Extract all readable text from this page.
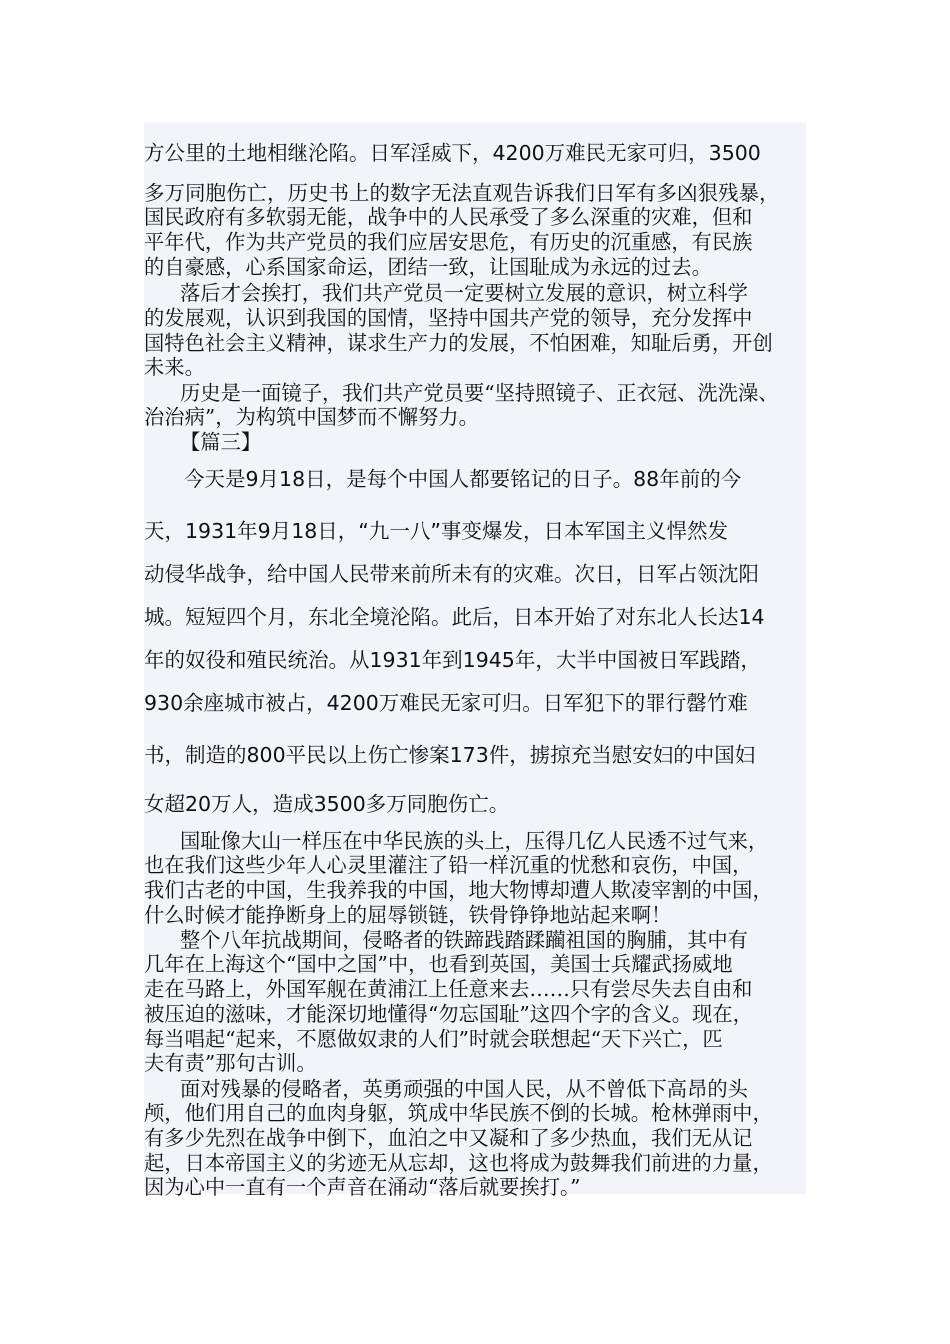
方公里的土地相继沦陷。日军淫威下，4200万难民无家可归，3500
多万同胞伤亡，历史书上的数字无法直观告诉我们日军有多凶狠残暴，
国民政府有多软弱无能，战争中的人民承受了多么深重的灾难，但和
平年代，作为共产党员的我们应居安思危，有历史的沉重感，有民族
的自豪感，心系国家命运，团结一致，让国耻成为永远的过去。
落后才会挨打，我们共产党员一定要树立发展的意识，树立科学
的发展观，认识到我国的国情，坚持中国共产党的领导，充分发挥中
国特色社会主义精神，谋求生产力的发展，不怕困难，知耻后勇，开创
未来。
历史是一面镜子，我们共产党员要“坚持照镜子、正衣冠、洗洗澡、
治治病”，为构筑中国梦而不懈努力。
【篇三】
今天是9月18日，是每个中国人都要铭记的日子。88年前的今
天，1931年9月18日，“九一八”事变爆发，日本军国主义悍然发
动侵华战争，给中国人民带来前所未有的灾难。次日，日军占领沈阳
城。短短四个月，东北全境沦陷。此后，日本开始了对东北人长达14
年的奴役和殖民统治。从1931年到1945年，大半中国被日军践踏，
930余座城市被占，4200万难民无家可归。日军犯下的罪行罄竹难
书，制造的800平民以上伤亡惨案173件，掳掠充当慰安妇的中国妇
女超20万人，造成3500多万同胞伤亡。
国耻像大山一样压在中华民族的头上，压得几亿人民透不过气来，
也在我们这些少年人心灵里灌注了铅一样沉重的忧愁和哀伤，中国，
我们古老的中国，生我养我的中国，地大物博却遭人欺凌宰割的中国，
什么时候才能挣断身上的屈辱锁链，铁骨铮铮地站起来啊！
整个八年抗战期间，侵略者的铁蹄践踏蹂躏祖国的胸脯，其中有
几年在上海这个“国中之国”中，也看到英国，美国士兵耀武扬威地
走在马路上，外国军舰在黄浦江上任意来去……只有尝尽失去自由和
被压迫的滋味，才能深切地懂得“勿忘国耻”这四个字的含义。现在，
每当唱起“起来，不愿做奴隶的人们”时就会联想起“天下兴亡，匹
夫有责”那句古训。
面对残暴的侵略者，英勇顽强的中国人民，从不曾低下高昂的头
颅，他们用自己的血肉身躯，筑成中华民族不倒的长城。枪林弹雨中，
有多少先烈在战争中倒下，血泊之中又凝和了多少热血，我们无从记
起，日本帝国主义的劣迹无从忘却，这也将成为鼓舞我们前进的力量，
因为心中一直有一个声音在涌动“落后就要挨打。”
